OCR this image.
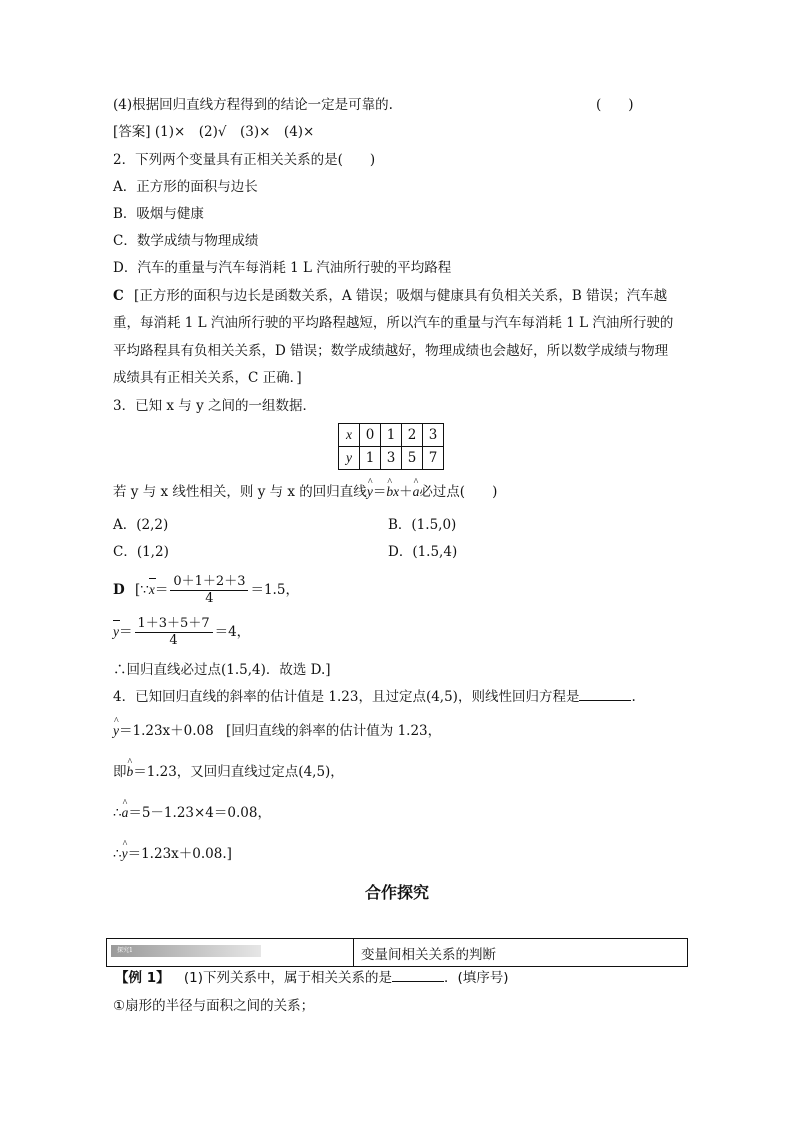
(4)根据回归直线方程得到的结论一定是可靠的.	(　　)
[答案] (1)×　(2)√　(3)×　(4)×
2．下列两个变量具有正相关关系的是(　　)
A．正方形的面积与边长
B．吸烟与健康
C．数学成绩与物理成绩
D．汽车的重量与汽车每消耗 1 L 汽油所行驶的平均路程
C [正方形的面积与边长是函数关系，A 错误；吸烟与健康具有负相关关系，B 错误；汽车越
重，每消耗 1 L 汽油所行驶的平均路程越短，所以汽车的重量与汽车每消耗 1 L 汽油所行驶的
平均路程具有负相关关系，D 错误；数学成绩越好，物理成绩也会越好，所以数学成绩与物理
成绩具有正相关关系，C 正确．]
3．已知 x 与 y 之间的一组数据．
x	0	1	2	3
y	1	3	5	7
若 y 与 x 线性相关，则 y 与 x 的回归直线^ y＝^ bx＋^ a必过点(　　)
A．(2,2)	B．(1.5,0)
C．(1,2)	D．(1.5,4)
D [∵x＝ $\frac{0+1+2+3}{4} =1.5$，
$y= \frac{1+3+5+7}{4} =4$，
∴回归直线必过点(1.5,4)．故选 D.]
4．已知回归直线的斜率的估计值是 1.23，且过定点(4,5)，则线性回归方程是	.
^ y＝1.23x＋0.08 [回归直线的斜率的估计值为 1.23，
即^ b＝1.23，又回归直线过定点(4,5)，
∴^ a＝5－1.23×4＝0.08，
∴^ y＝1.23x＋0.08.]
合作探究
探究1	变量间相关关系的判断
【例 1】 (1)下列关系中，属于相关关系的是	．(填序号)
①扇形的半径与面积之间的关系；
